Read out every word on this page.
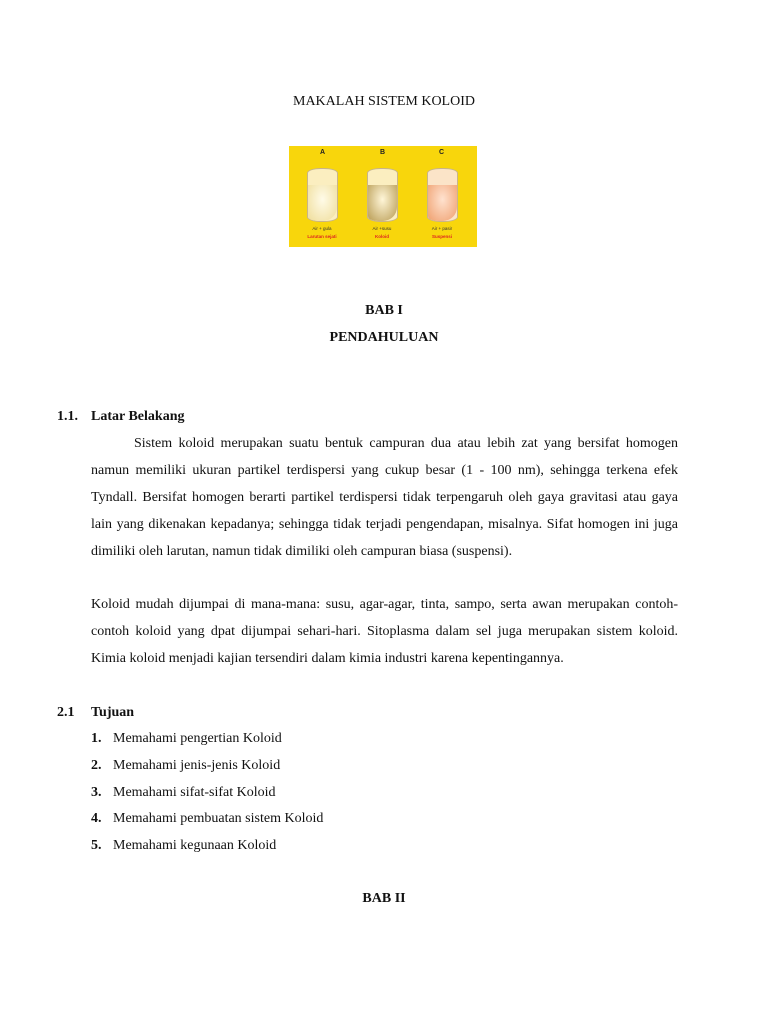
MAKALAH SISTEM KOLOID
A	B	C
Air + gula	Air +susu	Air + pasir
Larutan sejati	Koloid	Suspensi
BAB I
PENDAHULUAN
1.1. Latar Belakang

Sistem koloid merupakan suatu bentuk campuran dua atau lebih zat yang bersifat homogen namun memiliki ukuran partikel terdispersi yang cukup besar (1 - 100 nm), sehingga terkena efek Tyndall. Bersifat homogen berarti partikel terdispersi tidak terpengaruh oleh gaya gravitasi atau gaya lain yang dikenakan kepadanya; sehingga tidak terjadi pengendapan, misalnya. Sifat homogen ini juga dimiliki oleh larutan, namun tidak dimiliki oleh campuran biasa (suspensi).

Koloid mudah dijumpai di mana-mana: susu, agar-agar, tinta, sampo, serta awan merupakan contoh-contoh koloid yang dpat dijumpai sehari-hari. Sitoplasma dalam sel juga merupakan sistem koloid. Kimia koloid menjadi kajian tersendiri dalam kimia industri karena kepentingannya.

2.1 Tujuan
1. Memahami pengertian Koloid
2. Memahami jenis-jenis Koloid
3. Memahami sifat-sifat Koloid
4. Memahami pembuatan sistem Koloid
5. Memahami kegunaan Koloid
BAB II
